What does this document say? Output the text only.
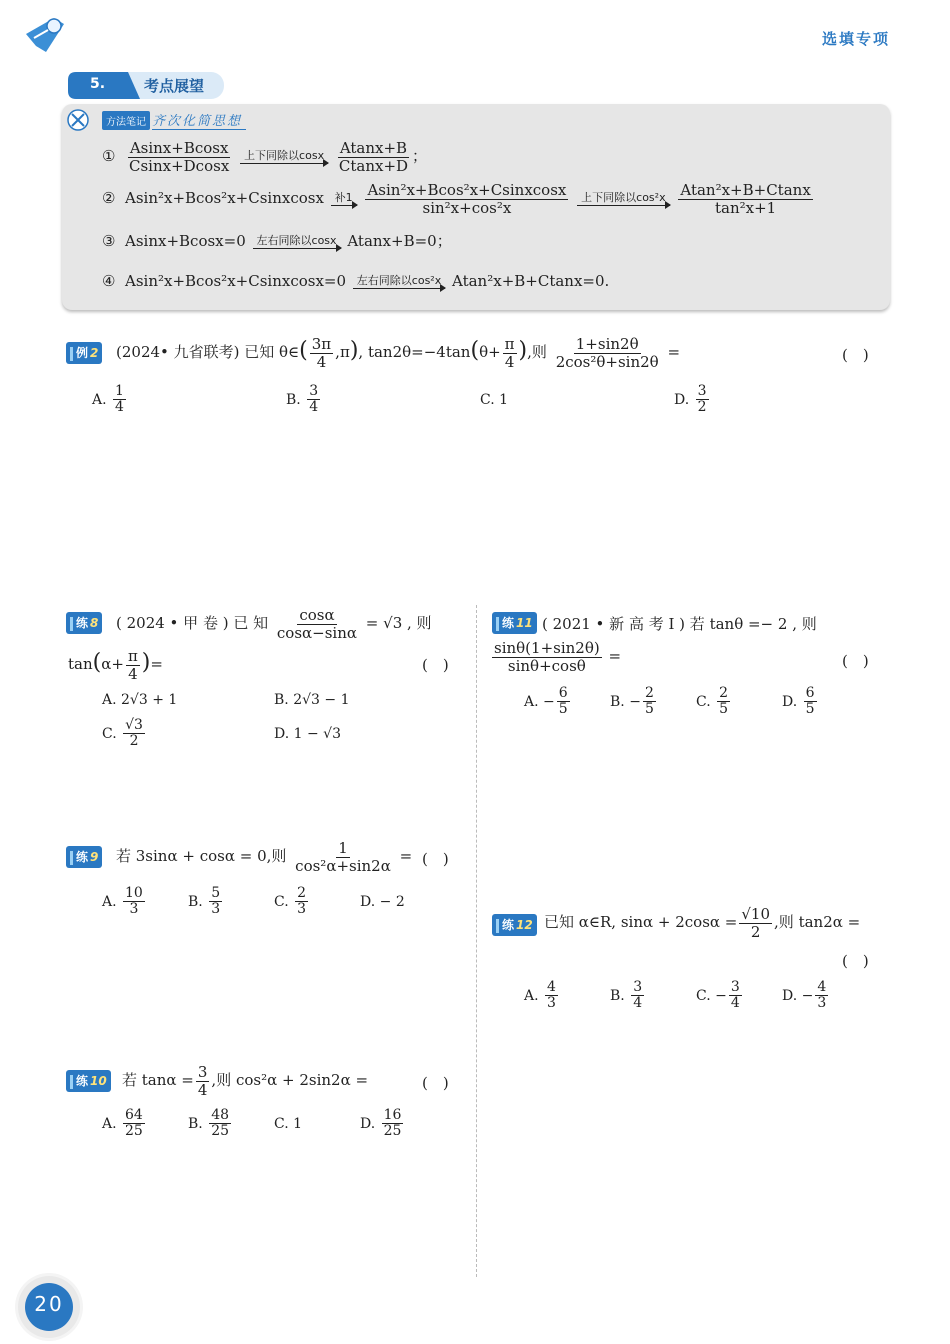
选填专项
5.	考点展望
方法笔记 齐次化简思想
① $\frac{Asinx+Bcosx}{Csinx+Dcosx}$
	上下同除以cosx
$\frac{Atanx+B}{Ctanx+D}$ ；
② Asin²x+Bcos²x+Csinxcosx 补1
$\frac{\text{Asin²x+Bcos²x+Csinxcosx}}{\text{sin²x+cos²x}}$
	上下同除以cos²x
$\frac{\text{Atan²x+B+Ctanx}}{\text{tan²x+1}}$
③ Asinx+Bcosx=0 左右同除以cosx Atanx+B=0；
④ Asin²x+Bcos²x+Csinxcosx=0 左右同除以cos²x Atan²x+B+Ctanx=0.
例 2 (2024• 九省联考) 已知 θ∈( $\frac{3\pi}{4} ,\pi$), $\tan 2\theta=-4\tan(\theta+ \frac{\pi}{4}$ ),则 $\frac{1+\sin 2\theta}{\text{2cos²θ+sin2θ}}$ =	(　)
A. $\frac{1}{4}$	B. $\frac{3}{4}$	C. 1	D. $\frac{3}{2}$
练 8 ( 2024 • 甲 卷 ) 已 知 $\frac{\cos\alpha}{\cos\alpha-\sin\alpha} = √3$ , 则
$\tan(\alpha+ \frac{\pi}{4}$ )=	(　)
A. 2√3 + 1	B. 2√3 − 1
C. $\frac{√3}{2}$	D. 1 − √3
练 9 若 3sinα + cosα = 0,则 $\frac{1}{\text{cos²α+sin2α}}$ = (　)
A. $\frac{10}{3}$	B. $\frac{5}{3}$	C. $\frac{2}{3}$	D. − 2
练 10 若 $\tan\alpha = \frac{3}{4}$ ,则 cos²α + 2sin2α =	(　)
A. $\frac{64}{25}$	B. $\frac{48}{25}$	C. 1	D. $\frac{16}{25}$
练 11 ( 2021 • 新 高 考 Ⅰ ) 若 tanθ =− 2 , 则
$\frac{\sin\theta(1+\sin 2\theta)}{\sin\theta+\cos\theta}$ =	(　)
A. − $\frac{6}{5}$	B. − $\frac{2}{5}$	C. $\frac{2}{5}$	D. $\frac{6}{5}$
练 12 已知 α∈R, $\sin\alpha + 2\cos\alpha = \frac{√10}{2}$ ,则 tan2α =
(　)
A. $\frac{4}{3}$	B. $\frac{3}{4}$	C. − $\frac{3}{4}$	D. − $\frac{4}{3}$
20
